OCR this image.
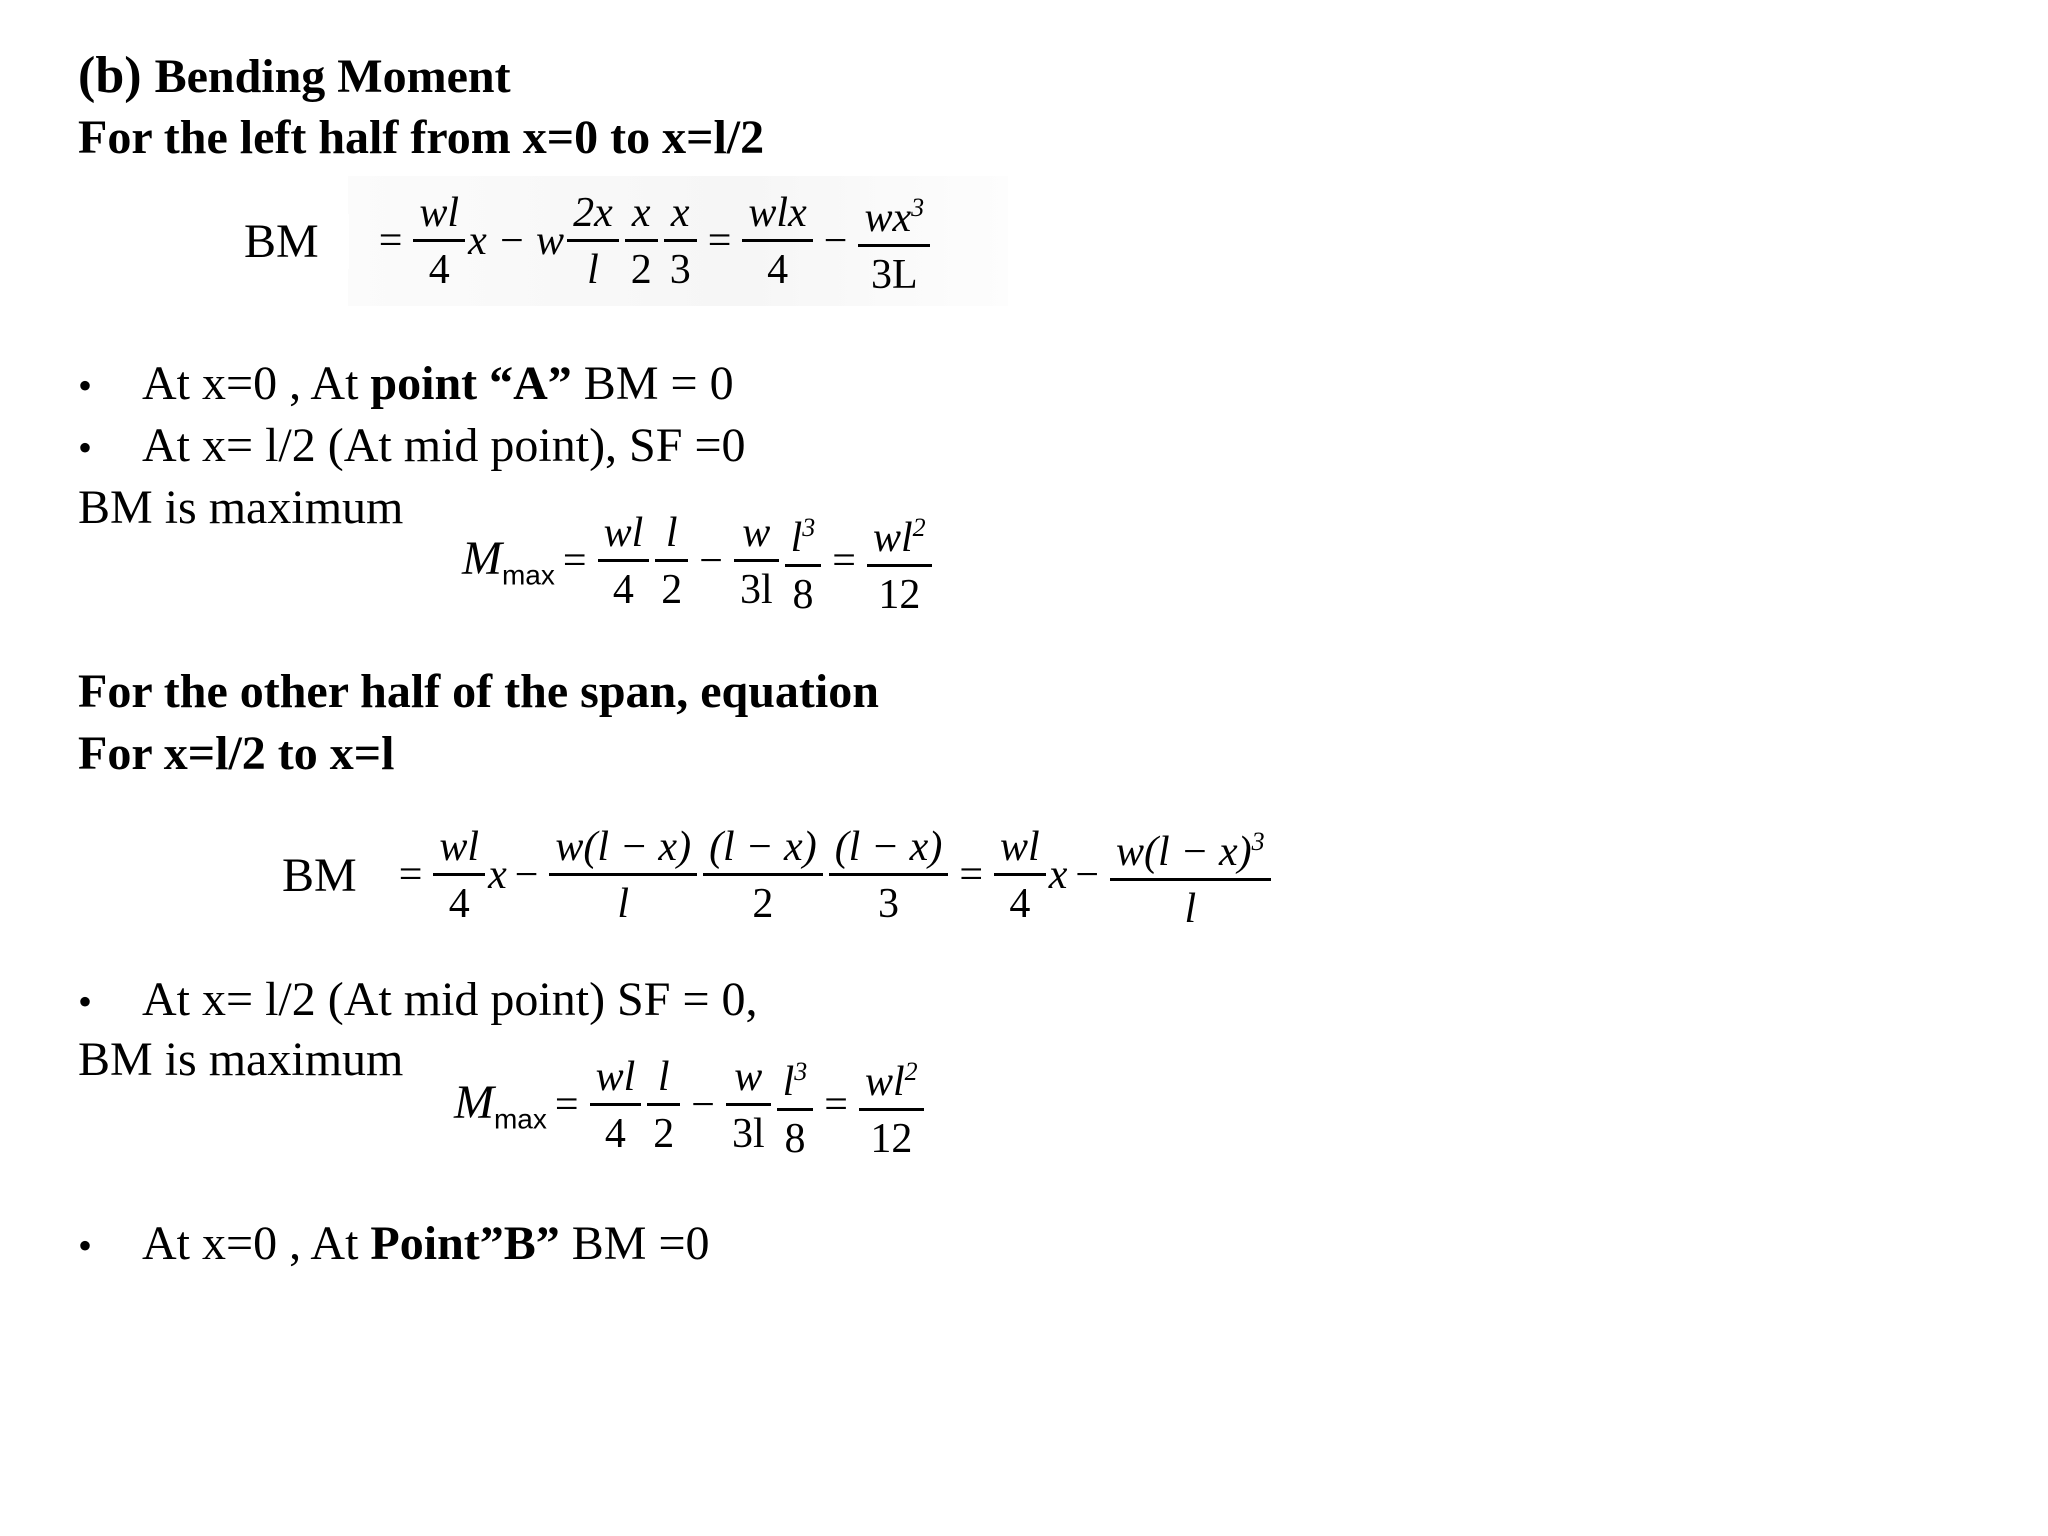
(b) Bending Moment
For the left half from x=0 to x=l/2
BM	= $\frac{wl}{4}$ x − w $\frac{2x}{l} \frac{x}{2} \frac{x}{3} = \frac{\text{wlx}}{4} - \frac{wx^3}{3L}$
• At x=0 , At point “A” BM = 0
• At x= l/2 (At mid point), SF =0
BM is maximum
$M_{max} = \frac{wl}{4} \frac{l}{2} - \frac{w}{3l} \frac{l^3}{8} = \frac{wl^2}{12}$
For the other half of the span, equation
For x=l/2 to x=l
BM = $\frac{wl}{4}$ $x - \frac{w(l - x)}{l} \frac{(l - x)}{2} \frac{(l - x)}{3} = \frac{wl}{4}$ $x - \frac{w(l - x)^3}{l}$
• At x= l/2 (At mid point) SF = 0,
BM is maximum
$M_{max} = \frac{wl}{4} \frac{l}{2} - \frac{w}{3l} \frac{l^3}{8} = \frac{wl^2}{12}$
• At x=0 , At Point”B” BM =0
